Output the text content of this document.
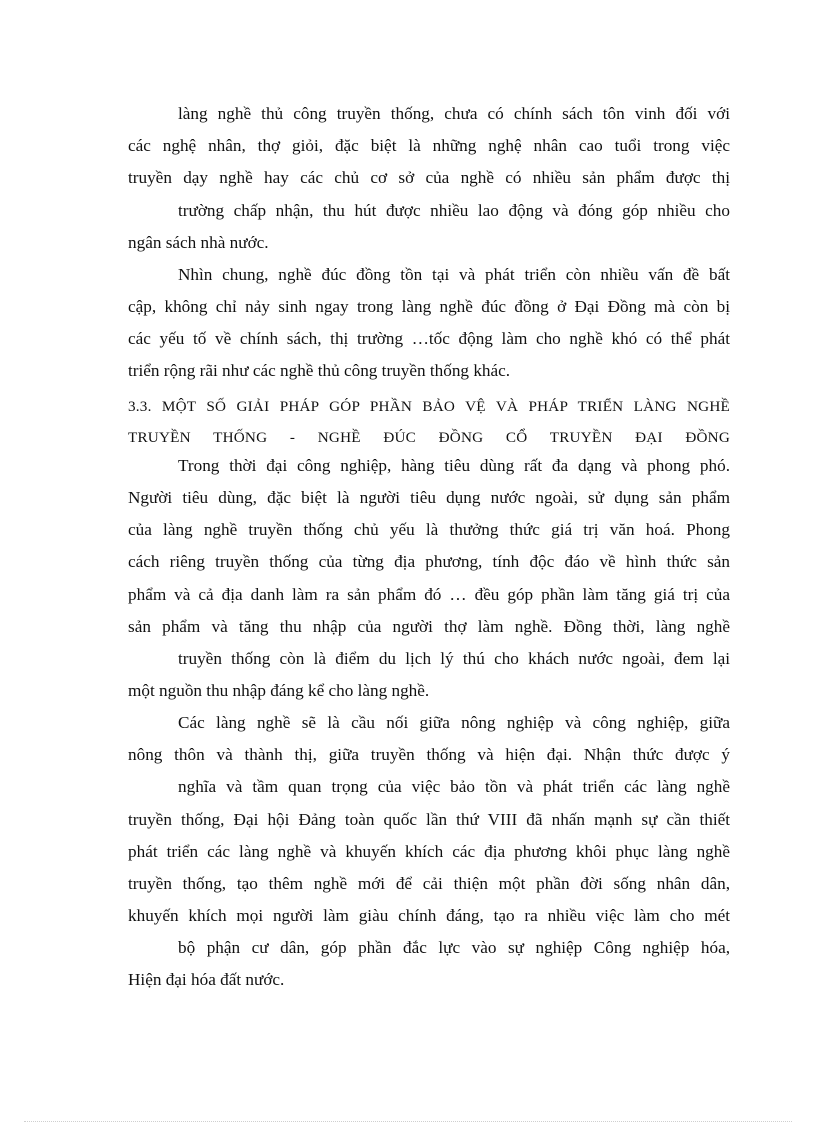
làng nghề thủ công truyền thống, chưa có chính sách tôn vinh đối với
các nghệ nhân, thợ giỏi, đặc biệt là những nghệ nhân cao tuổi trong việc
truyền dạy nghề hay các chủ cơ sở của nghề có nhiều sản phẩm được thị
trường chấp nhận, thu hút được nhiều lao động và đóng góp nhiều cho
ngân sách nhà nước.
Nhìn chung, nghề đúc đồng tồn tại và phát triển còn nhiều vấn đề bất
cập, không chỉ nảy sinh ngay trong làng nghề đúc đồng ở Đại Đồng mà còn bị
các yếu tố về chính sách, thị trường …tốc động làm cho nghề khó có thể phát
triển rộng rãi như các nghề thủ công truyền thống khác.
3.3. MỘT SỐ GIẢI PHÁP GÓP PHẦN BẢO VỆ VÀ PHÁP TRIỂN LÀNG NGHỀ
TRUYỀN THỐNG - NGHỀ ĐÚC ĐỒNG CỔ TRUYỀN ĐẠI ĐỒNG
Trong thời đại công nghiệp, hàng tiêu dùng rất đa dạng và phong phó.
Người tiêu dùng, đặc biệt là người tiêu dụng nước ngoài, sử dụng sản phẩm
của làng nghề truyền thống chủ yếu là thưởng thức giá trị văn hoá. Phong
cách riêng truyền thống của từng địa phương, tính độc đáo về hình thức sản
phẩm và cả địa danh làm ra sản phẩm đó … đều góp phần làm tăng giá trị của
sản phẩm và tăng thu nhập của người thợ làm nghề. Đồng thời, làng nghề
truyền thống còn là điểm du lịch lý thú cho khách nước ngoài, đem lại
một nguồn thu nhập đáng kể cho làng nghề.
Các làng nghề sẽ là cầu nối giữa nông nghiệp và công nghiệp, giữa
nông thôn và thành thị, giữa truyền thống và hiện đại. Nhận thức được ý
nghĩa và tầm quan trọng của việc bảo tồn và phát triển các làng nghề
truyền thống, Đại hội Đảng toàn quốc lần thứ VIII đã nhấn mạnh sự cần thiết
phát triển các làng nghề và khuyến khích các địa phương khôi phục làng nghề
truyền thống, tạo thêm nghề mới để cải thiện một phần đời sống nhân dân,
khuyến khích mọi người làm giàu chính đáng, tạo ra nhiều việc làm cho mét
bộ phận cư dân, góp phần đắc lực vào sự nghiệp Công nghiệp hóa,
Hiện đại hóa đất nước.
